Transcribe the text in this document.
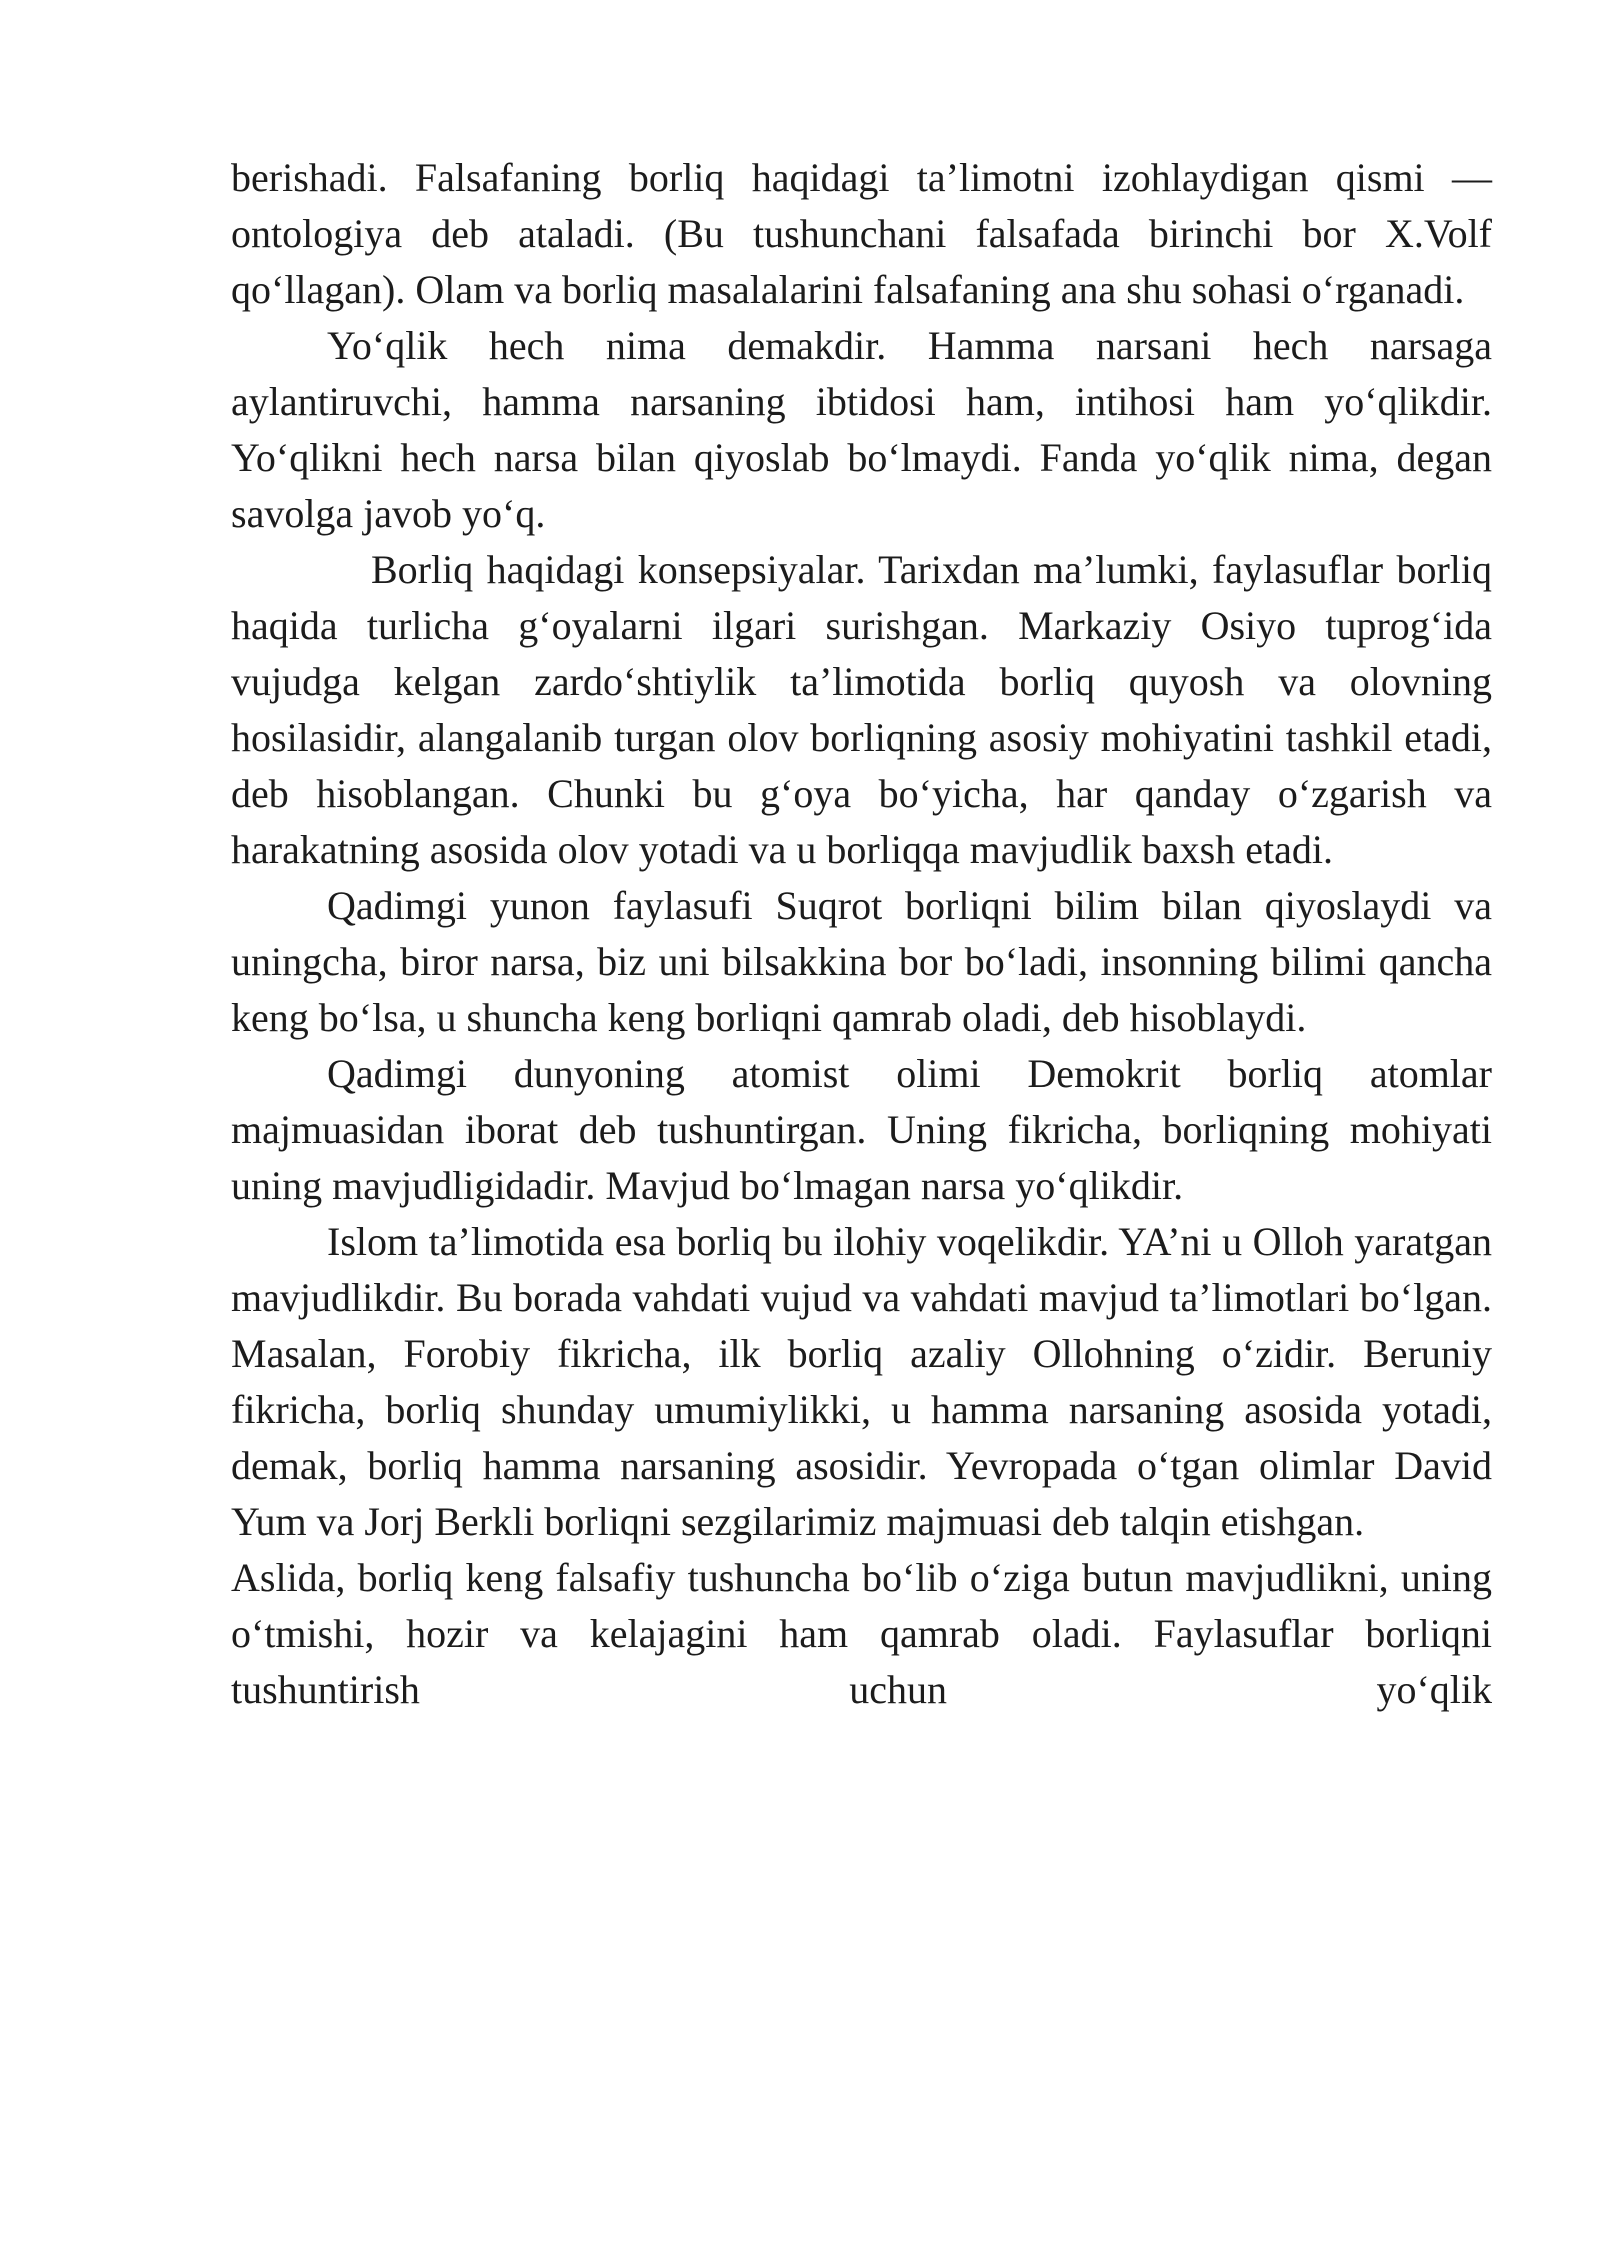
berishadi. Falsafaning borliq haqidagi ta’limotni izohlaydigan qismi — ontologiya deb ataladi. (Bu tushunchani falsafada birinchi bor X.Volf qo‘llagan). Olam va borliq masalalarini falsafaning ana shu sohasi o‘rganadi.

Yo‘qlik hech nima demakdir. Hamma narsani hech narsaga aylantiruvchi, hamma narsaning ibtidosi ham, intihosi ham yo‘qlikdir. Yo‘qlikni hech narsa bilan qiyoslab bo‘lmaydi. Fanda yo‘qlik nima, degan savolga javob yo‘q.

Borliq haqidagi konsepsiyalar. Tarixdan ma’lumki, faylasuflar borliq haqida turlicha g‘oyalarni ilgari surishgan. Markaziy Osiyo tuprog‘ida vujudga kelgan zardo‘shtiylik ta’limotida borliq quyosh va olovning hosilasidir, alangalanib turgan olov borliqning asosiy mohiyatini tashkil etadi, deb hisoblangan. Chunki bu g‘oya bo‘yicha, har qanday o‘zgarish va harakatning asosida olov yotadi va u borliqqa mavjudlik baxsh etadi.

Qadimgi yunon faylasufi Suqrot borliqni bilim bilan qiyoslaydi va uningcha, biror narsa, biz uni bilsakkina bor bo‘ladi, insonning bilimi qancha keng bo‘lsa, u shuncha keng borliqni qamrab oladi, deb hisoblaydi.

Qadimgi dunyoning atomist olimi Demokrit borliq atomlar majmuasidan iborat deb tushuntirgan. Uning fikricha, borliqning mohiyati uning mavjudligidadir. Mavjud bo‘lmagan narsa yo‘qlikdir.

Islom ta’limotida esa borliq bu ilohiy voqelikdir. YA’ni u Olloh yaratgan mavjudlikdir. Bu borada vahdati vujud va vahdati mavjud ta’limotlari bo‘lgan. Masalan, Forobiy fikricha, ilk borliq azaliy Ollohning o‘zidir. Beruniy fikricha, borliq shunday umumiylikki, u hamma narsaning asosida yotadi, demak, borliq hamma narsaning asosidir. Yevropada o‘tgan olimlar David Yum va Jorj Berkli borliqni sezgilarimiz majmuasi deb talqin etishgan.

Aslida, borliq keng falsafiy tushuncha bo‘lib o‘ziga butun mavjudlikni, uning o‘tmishi, hozir va kelajagini ham qamrab oladi. Faylasuflar borliqni tushuntirish uchun yo‘qlik
